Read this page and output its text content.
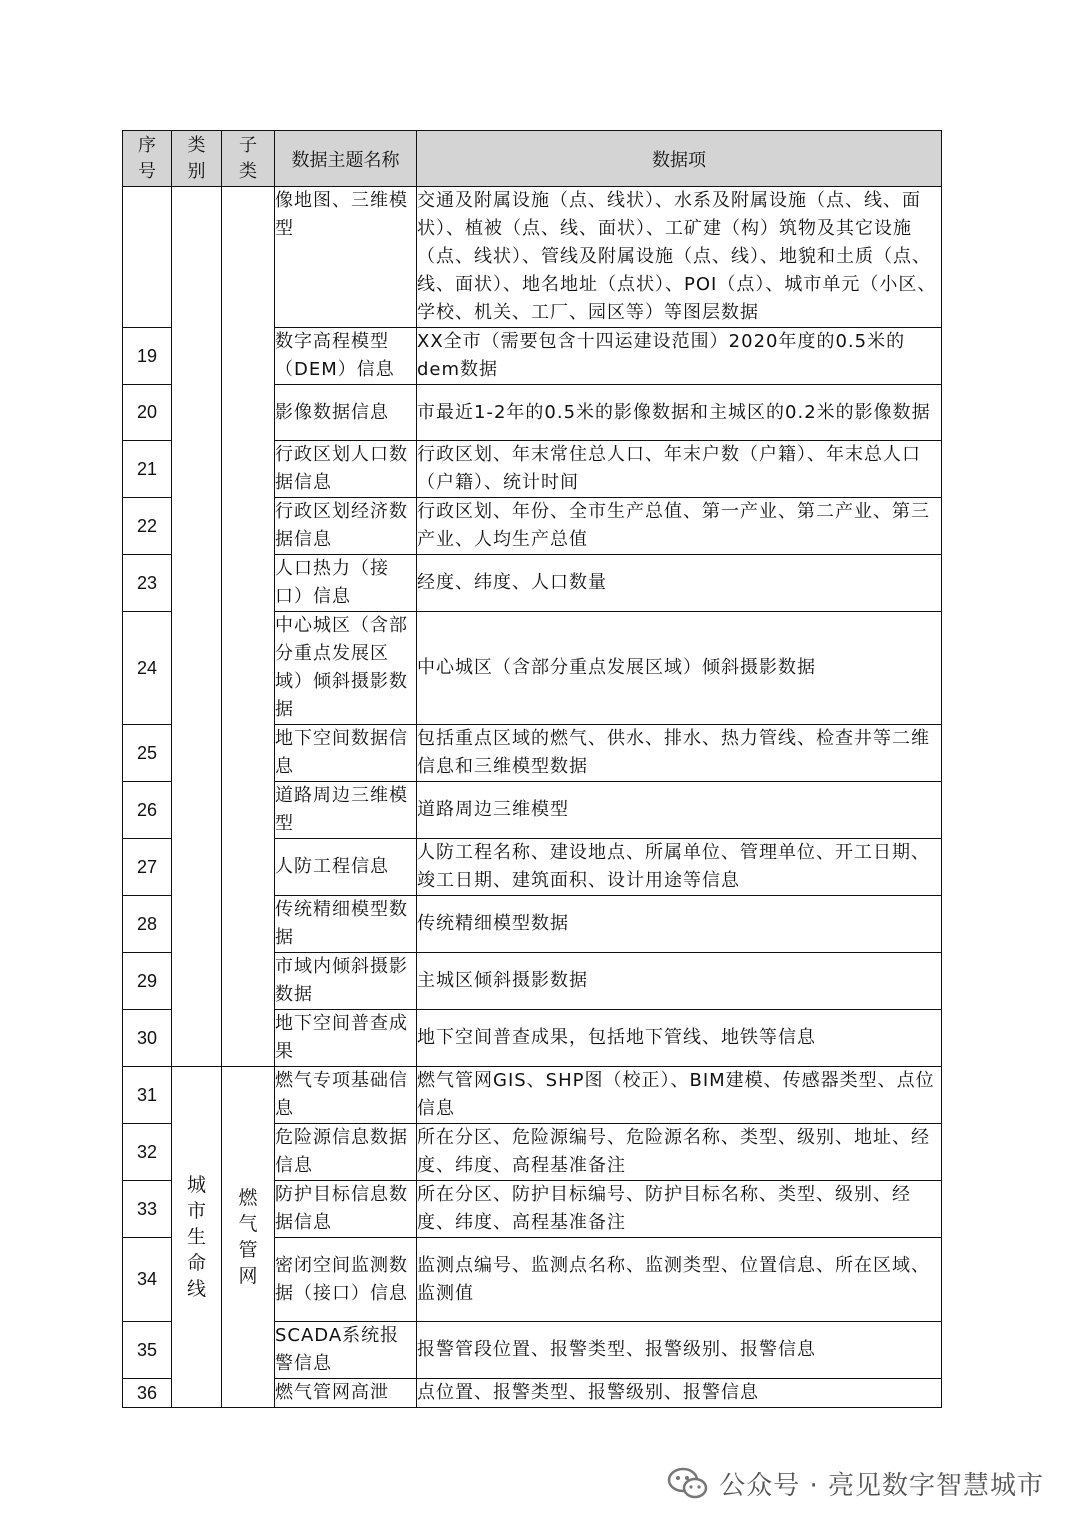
序号	类别	子类	数据主题名称	数据项
			像地图、三维模型	交通及附属设施（点、线状）、水系及附属设施（点、线、面状）、植被（点、线、面状）、工矿建（构）筑物及其它设施（点、线状）、管线及附属设施（点、线）、地貌和土质（点、线、面状）、地名地址（点状）、POI（点）、城市单元（小区、学校、机关、工厂、园区等）等图层数据
19			数字高程模型（DEM）信息	XX全市（需要包含十四运建设范围）2020年度的0.5米的dem数据
20			影像数据信息	市最近1-2年的0.5米的影像数据和主城区的0.2米的影像数据
21			行政区划人口数据信息	行政区划、年末常住总人口、年末户数（户籍）、年末总人口（户籍）、统计时间
22			行政区划经济数据信息	行政区划、年份、全市生产总值、第一产业、第二产业、第三产业、人均生产总值
23			人口热力（接口）信息	经度、纬度、人口数量
24			中心城区（含部分重点发展区域）倾斜摄影数据	中心城区（含部分重点发展区域）倾斜摄影数据
25			地下空间数据信息	包括重点区域的燃气、供水、排水、热力管线、检查井等二维信息和三维模型数据
26			道路周边三维模型	道路周边三维模型
27			人防工程信息	人防工程名称、建设地点、所属单位、管理单位、开工日期、竣工日期、建筑面积、设计用途等信息
28			传统精细模型数据	传统精细模型数据
29			市域内倾斜摄影数据	主城区倾斜摄影数据
30			地下空间普查成果	地下空间普查成果，包括地下管线、地铁等信息
31	城市生命线	燃气管网	燃气专项基础信息	燃气管网GIS、SHP图（校正）、BIM建模、传感器类型、点位信息
32			危险源信息数据信息	所在分区、危险源编号、危险源名称、类型、级别、地址、经度、纬度、高程基准备注
33			防护目标信息数据信息	所在分区、防护目标编号、防护目标名称、类型、级别、经度、纬度、高程基准备注
34			密闭空间监测数据（接口）信息	监测点编号、监测点名称、监测类型、位置信息、所在区域、监测值
35			SCADA系统报警信息	报警管段位置、报警类型、报警级别、报警信息
36			燃气管网高泄	点位置、报警类型、报警级别、报警信息
公众号 · 亮见数字智慧城市
